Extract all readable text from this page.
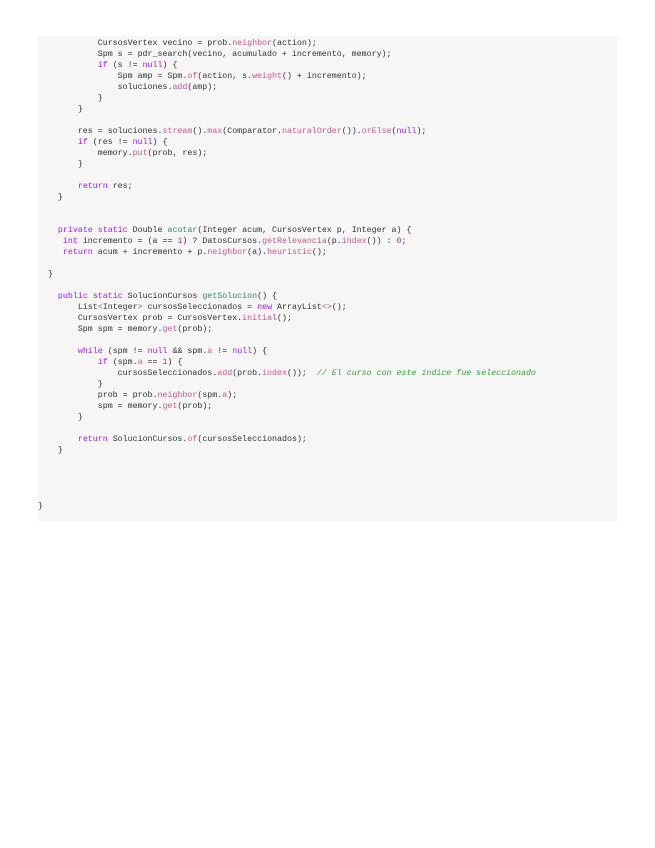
CursosVertex vecino = prob.neighbor(action);
Spm s = pdr_search(vecino, acumulado + incremento, memory);
if (s != null) {
Spm amp = Spm.of(action, s.weight() + incremento);
soluciones.add(amp);
}
}
res = soluciones.stream().max(Comparator.naturalOrder()).orElse(null);
if (res != null) {
memory.put(prob, res);
}
return res;
}
private static Double acotar(Integer acum, CursosVertex p, Integer a) {
int incremento = (a == 1) ? DatosCursos.getRelevancia(p.index()) : 0;
return acum + incremento + p.neighbor(a).heuristic();
}
public static SolucionCursos getSolucion() {
List<Integer> cursosSeleccionados = new ArrayList<>();
CursosVertex prob = CursosVertex.initial();
Spm spm = memory.get(prob);
while (spm != null && spm.a != null) {
if (spm.a == 1) {
cursosSeleccionados.add(prob.index());  // El curso con este índice fue seleccionado
}
prob = prob.neighbor(spm.a);
spm = memory.get(prob);
}
return SolucionCursos.of(cursosSeleccionados);
}
}
